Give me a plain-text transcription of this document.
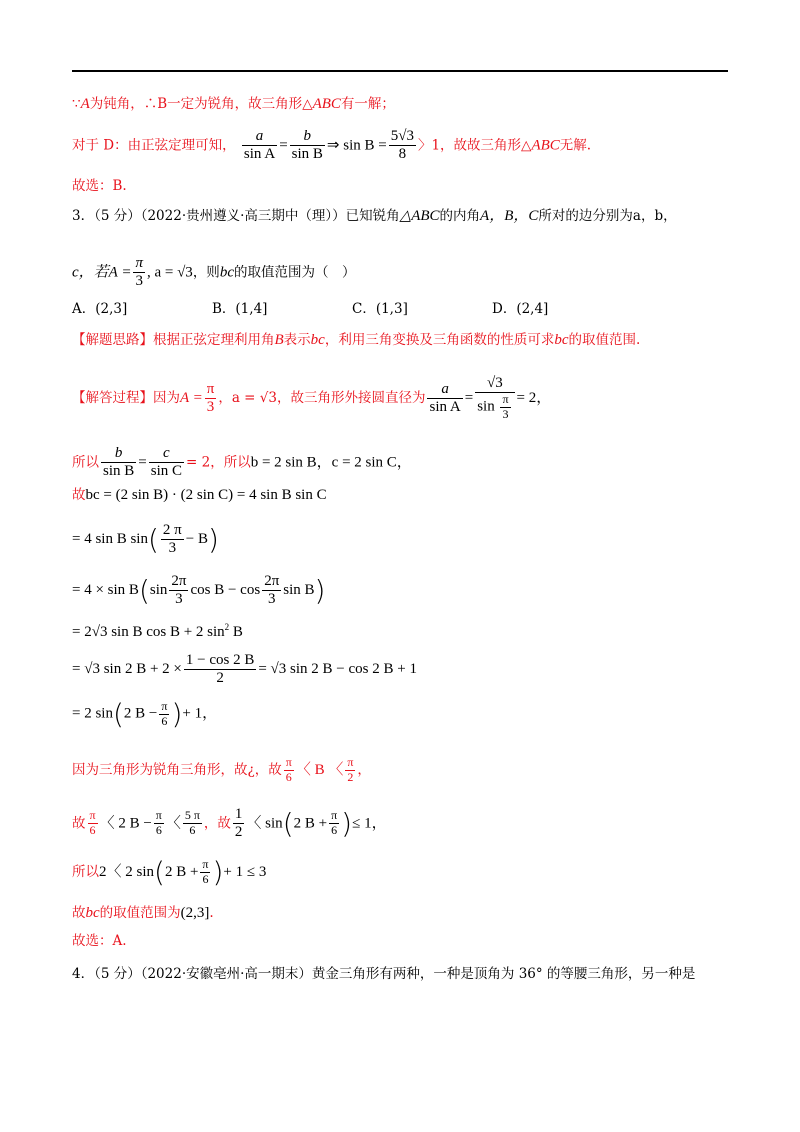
∵A为钝角，∴B一定为锐角，故三角形△ABC有一解；
对于 D：由正弦定理可知， $\frac{a}{\text{sin A}} = \frac{b}{\text{sin B}}$ ⇒ $\sin B = \frac{5√3}{8}$ 〉1，故故三角形△ABC无解.
故选：B.
3．（5 分）（2022·贵州遵义·高三期中（理））已知锐角△ABC的内角A，B，C所对的边分别为a，b，
c，若$A = \frac{\pi}{3}$ , a = √3，则bc的取值范围为（　）
A．(2,3]	B．(1,4]	C．(1,3]	D．(2,4]
【解题思路】根据正弦定理利用角B表示bc，利用三角变换及三角函数的性质可求bc的取值范围.
【解答过程】因为$A = \frac{\pi}{3}$ ，a = √3，故三角形外接圆直径为 $\frac{a}{\text{sin A}} = \frac{√3}{\sin \frac{\pi}{3}} = 2$，
所以 $\frac{b}{\text{sin B}} = \frac{c}{\text{sin C}} = 2$，所以b = 2 sin B，c = 2 sin C，
故bc = (2 sin B) · (2 sin C) = 4 sin B sin C
= 4 sin B $\sin( \frac{2 \pi}{3} - B)$
= $4 \times \sin B(\sin \frac{2\pi}{3}$ $\cos B - \cos \frac{2\pi}{3}$ sin B)
= 2√3 sin B cos B + 2 $\sin^2 B$
= √3 sin 2 $B + 2 \times \frac{1 - \cos 2 B}{2} = √3$ sin 2 B − cos 2 B + 1
= 2 sin(2 $B - \frac{\pi}{6}$ )+ 1，
因为三角形为锐角三角形，故¿，故 $\frac{\pi}{6}$ 〈 B 〈 $\frac{\pi}{2}$ ，
故 $\frac{\pi}{6}$ 〈 2 $B - \frac{\pi}{6}$ 〈 $\frac{5 \pi}{6}$ ，故 $\frac{1}{2}$ 〈 sin(2 $B + \frac{\pi}{6}$ )≤ 1，
所以2〈 2 sin(2 $B + \frac{\pi}{6}$ )+ 1 ≤ 3
故bc的取值范围为(2,3].
故选：A.
4．（5 分）（2022·安徽亳州·高一期末）黄金三角形有两种，一种是顶角为 36° 的等腰三角形，另一种是
